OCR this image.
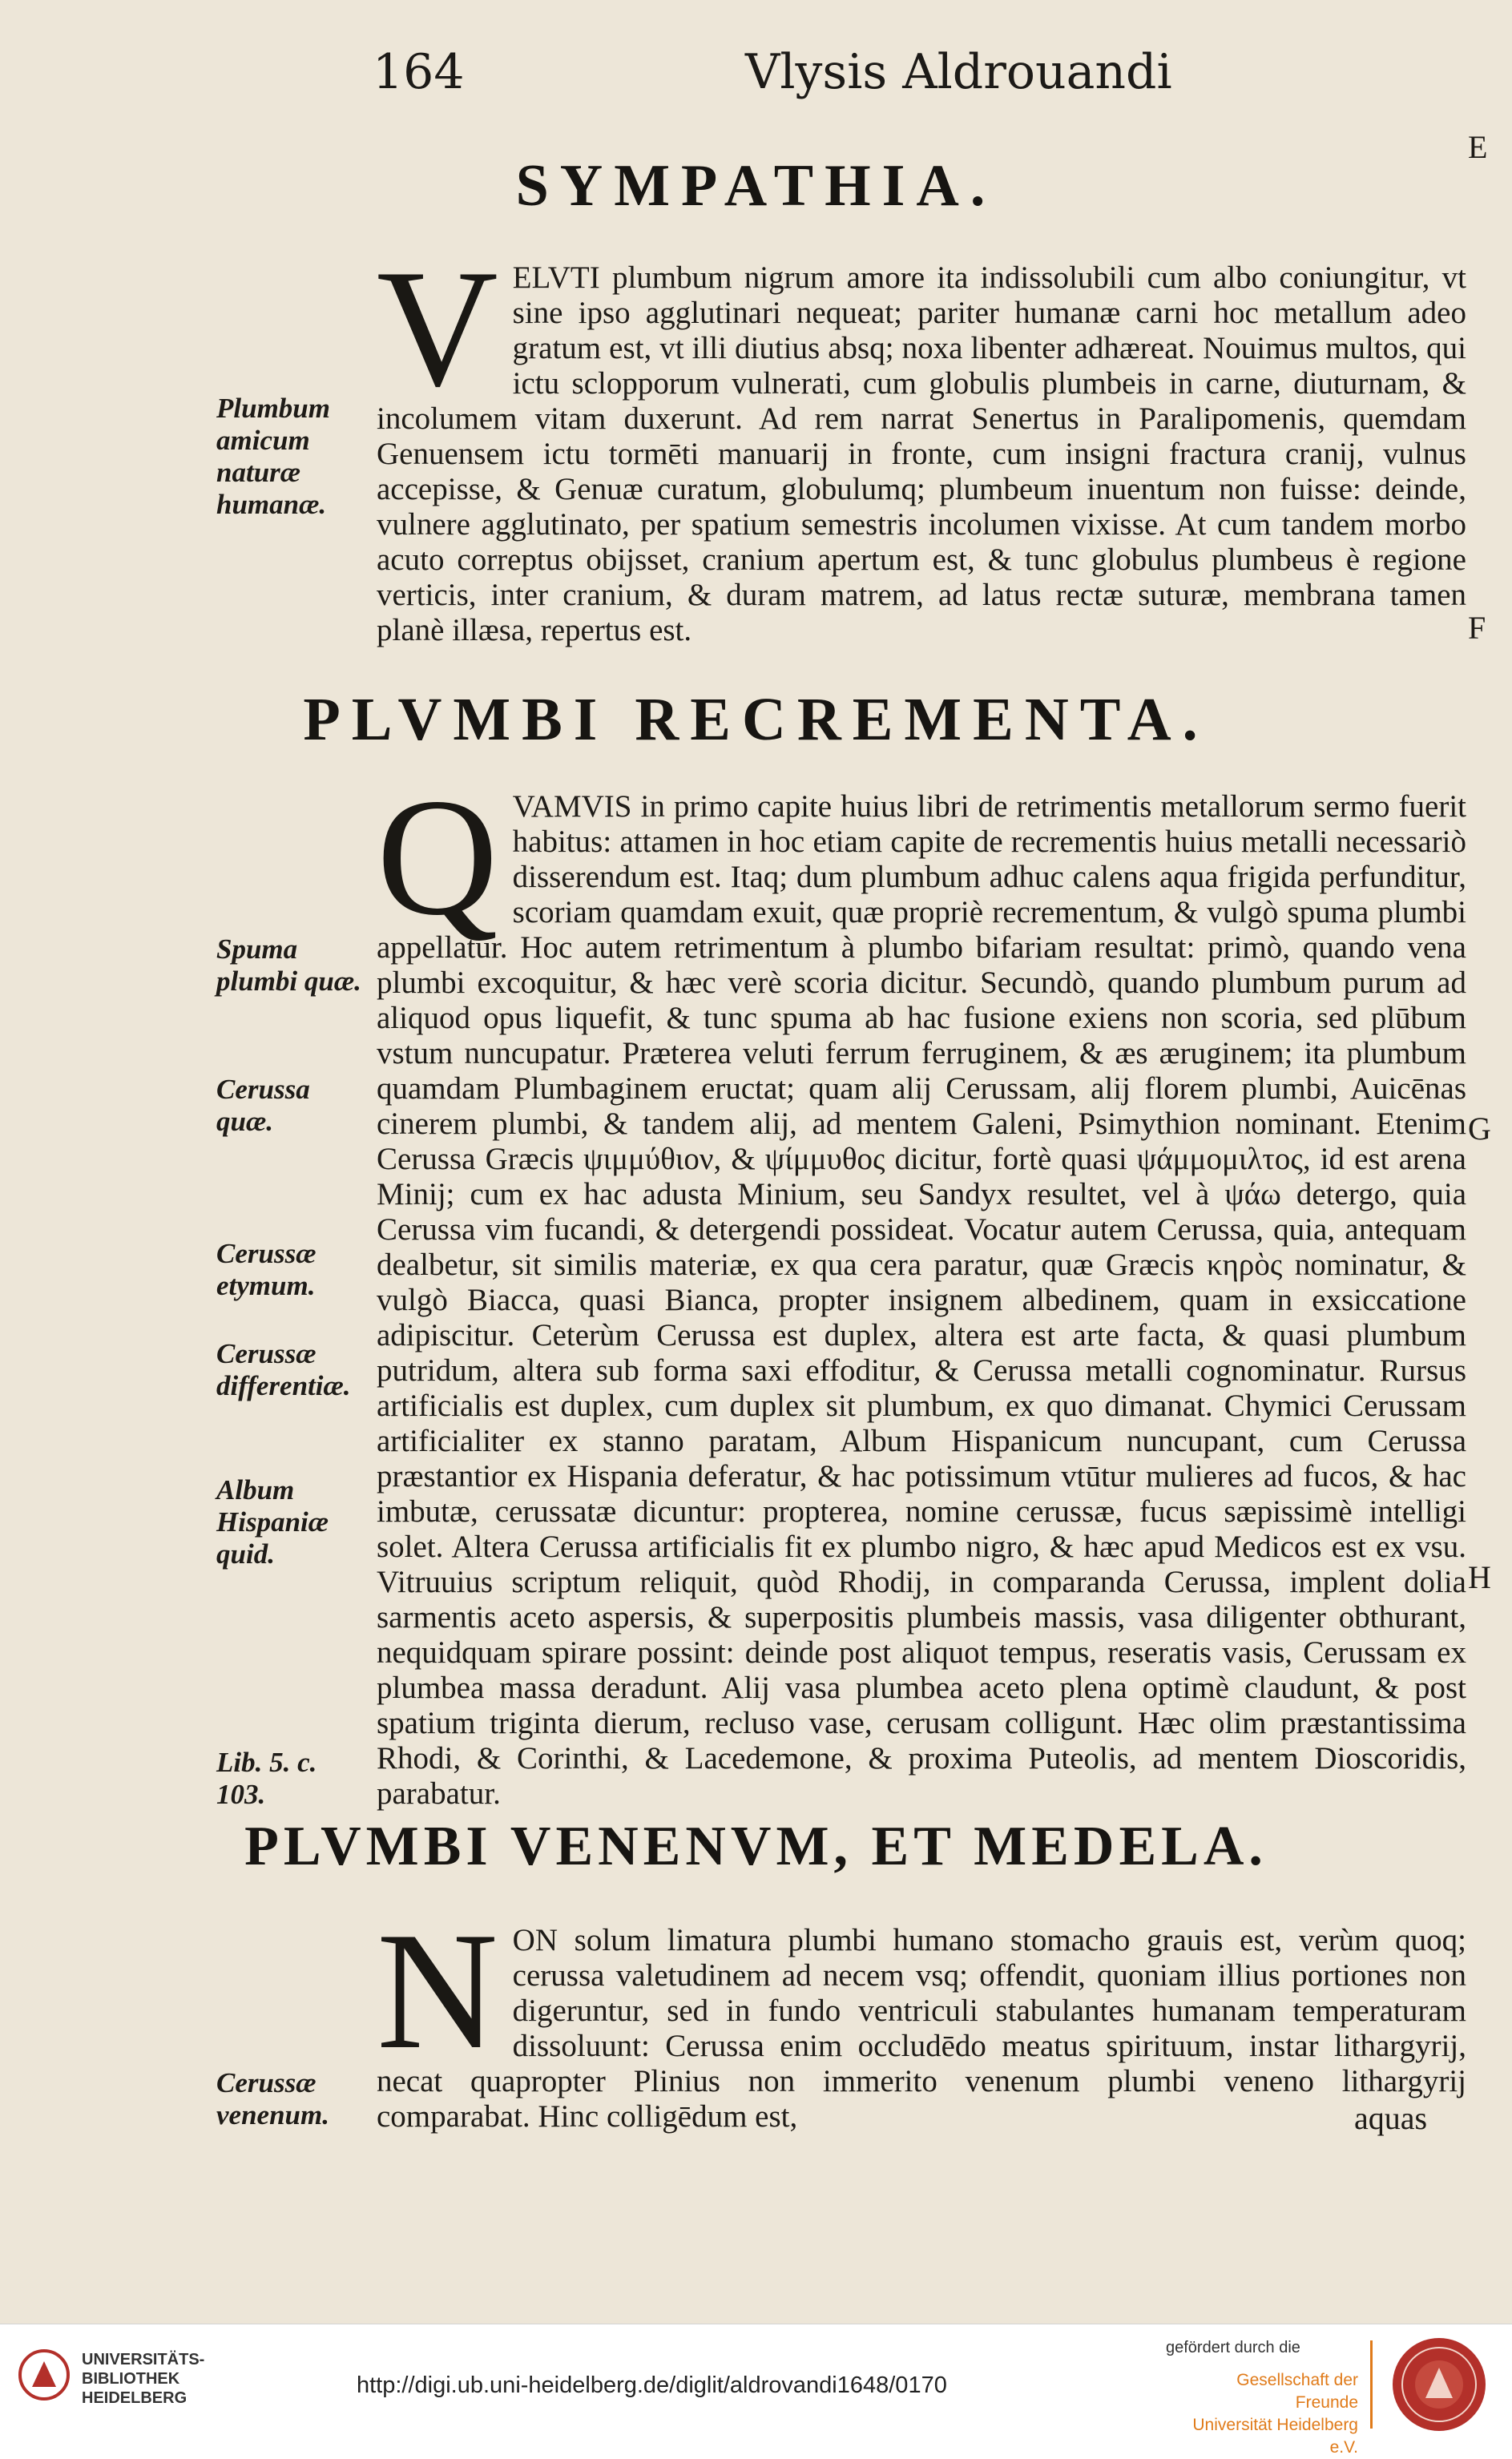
164	Vlysis Aldrouandi
E
F
G
H
SYMPATHIA.

VELVTI plumbum nigrum amore ita indissolubili cum albo coniungitur, vt sine ipso agglutinari nequeat; pariter humanæ carni hoc metallum adeo gratum est, vt illi diutius absq; noxa libenter adhæreat. Nouimus multos, qui ictu sclopporum vulnerati, cum globulis plumbeis in carne, diuturnam, & incolumem vitam duxerunt. Ad rem narrat Senertus in Paralipomenis, quemdam Genuensem ictu tormēti manuarij in fronte, cum insigni fractura cranij, vulnus accepisse, & Genuæ curatum, globulumq; plumbeum inuentum non fuisse: deinde, vulnere agglutinato, per spatium semestris incolumen vixisse. At cum tandem morbo acuto correptus obijsset, cranium apertum est, & tunc globulus plumbeus è regione verticis, inter cranium, & duram matrem, ad latus rectæ suturæ, membrana tamen planè illæsa, repertus est.

PLVMBI RECREMENTA.

QVAMVIS in primo capite huius libri de retrimentis metallorum sermo fuerit habitus: attamen in hoc etiam capite de recrementis huius metalli necessariò disserendum est. Itaq; dum plumbum adhuc calens aqua frigida perfunditur, scoriam quamdam exuit, quæ propriè recrementum, & vulgò spuma plumbi appellatur. Hoc autem retrimentum à plumbo bifariam resultat: primò, quando vena plumbi excoquitur, & hæc verè scoria dicitur. Secundò, quando plumbum purum ad aliquod opus liquefit, & tunc spuma ab hac fusione exiens non scoria, sed plūbum vstum nuncupatur. Præterea veluti ferrum ferruginem, & æs æruginem; ita plumbum quamdam Plumbaginem eructat; quam alij Cerussam, alij florem plumbi, Auicēnas cinerem plumbi, & tandem alij, ad mentem Galeni, Psimythion nominant. Etenim Cerussa Græcis ψιμμύθιον, & ψίμμυθος dicitur, fortè quasi ψάμμομιλτος, id est arena Minij; cum ex hac adusta Minium, seu Sandyx resultet, vel à ψάω detergo, quia Cerussa vim fucandi, & detergendi possideat. Vocatur autem Cerussa, quia, antequam dealbetur, sit similis materiæ, ex qua cera paratur, quæ Græcis κηρὸς nominatur, & vulgò Biacca, quasi Bianca, propter insignem albedinem, quam in exsiccatione adipiscitur. Ceterùm Cerussa est duplex, altera est arte facta, & quasi plumbum putridum, altera sub forma saxi effoditur, & Cerussa metalli cognominatur. Rursus artificialis est duplex, cum duplex sit plumbum, ex quo dimanat. Chymici Cerussam artificialiter ex stanno paratam, Album Hispanicum nuncupant, cum Cerussa præstantior ex Hispania deferatur, & hac potissimum vtūtur mulieres ad fucos, & hac imbutæ, cerussatæ dicuntur: propterea, nomine cerussæ, fucus sæpissimè intelligi solet. Altera Cerussa artificialis fit ex plumbo nigro, & hæc apud Medicos est ex vsu. Vitruuius scriptum reliquit, quòd Rhodij, in comparanda Cerussa, implent dolia sarmentis aceto aspersis, & superpositis plumbeis massis, vasa diligenter obthurant, nequidquam spirare possint: deinde post aliquot tempus, reseratis vasis, Cerussam ex plumbea massa deradunt. Alij vasa plumbea aceto plena optimè claudunt, & post spatium triginta dierum, recluso vase, cerusam colligunt. Hæc olim præstantissima Rhodi, & Corinthi, & Lacedemone, & proxima Puteolis, ad mentem Dioscoridis, parabatur.

PLVMBI VENENVM, ET MEDELA.

NON solum limatura plumbi humano stomacho grauis est, verùm quoq; cerussa valetudinem ad necem vsq; offendit, quoniam illius portiones non digeruntur, sed in fundo ventriculi stabulantes humanam temperaturam dissoluunt: Cerussa enim occludēdo meatus spirituum, instar lithargyrij, necat quapropter Plinius non immerito venenum plumbi veneno lithargyrij comparabat. Hinc colligēdum est,	aquas
Plumbum amicum naturæ humanæ.
Spuma plumbi quæ.
Cerussa quæ.
Cerussæ etymum.
Cerussæ differentiæ.
Album Hispaniæ quid.
Lib. 5. c. 103.
Cerussæ venenum.
UNIVERSITÄTS-
BIBLIOTHEK
HEIDELBERG	http://digi.ub.uni-heidelberg.de/diglit/aldrovandi1648/0170
gefördert durch die
Gesellschaft der Freunde
Universität Heidelberg e.V.
